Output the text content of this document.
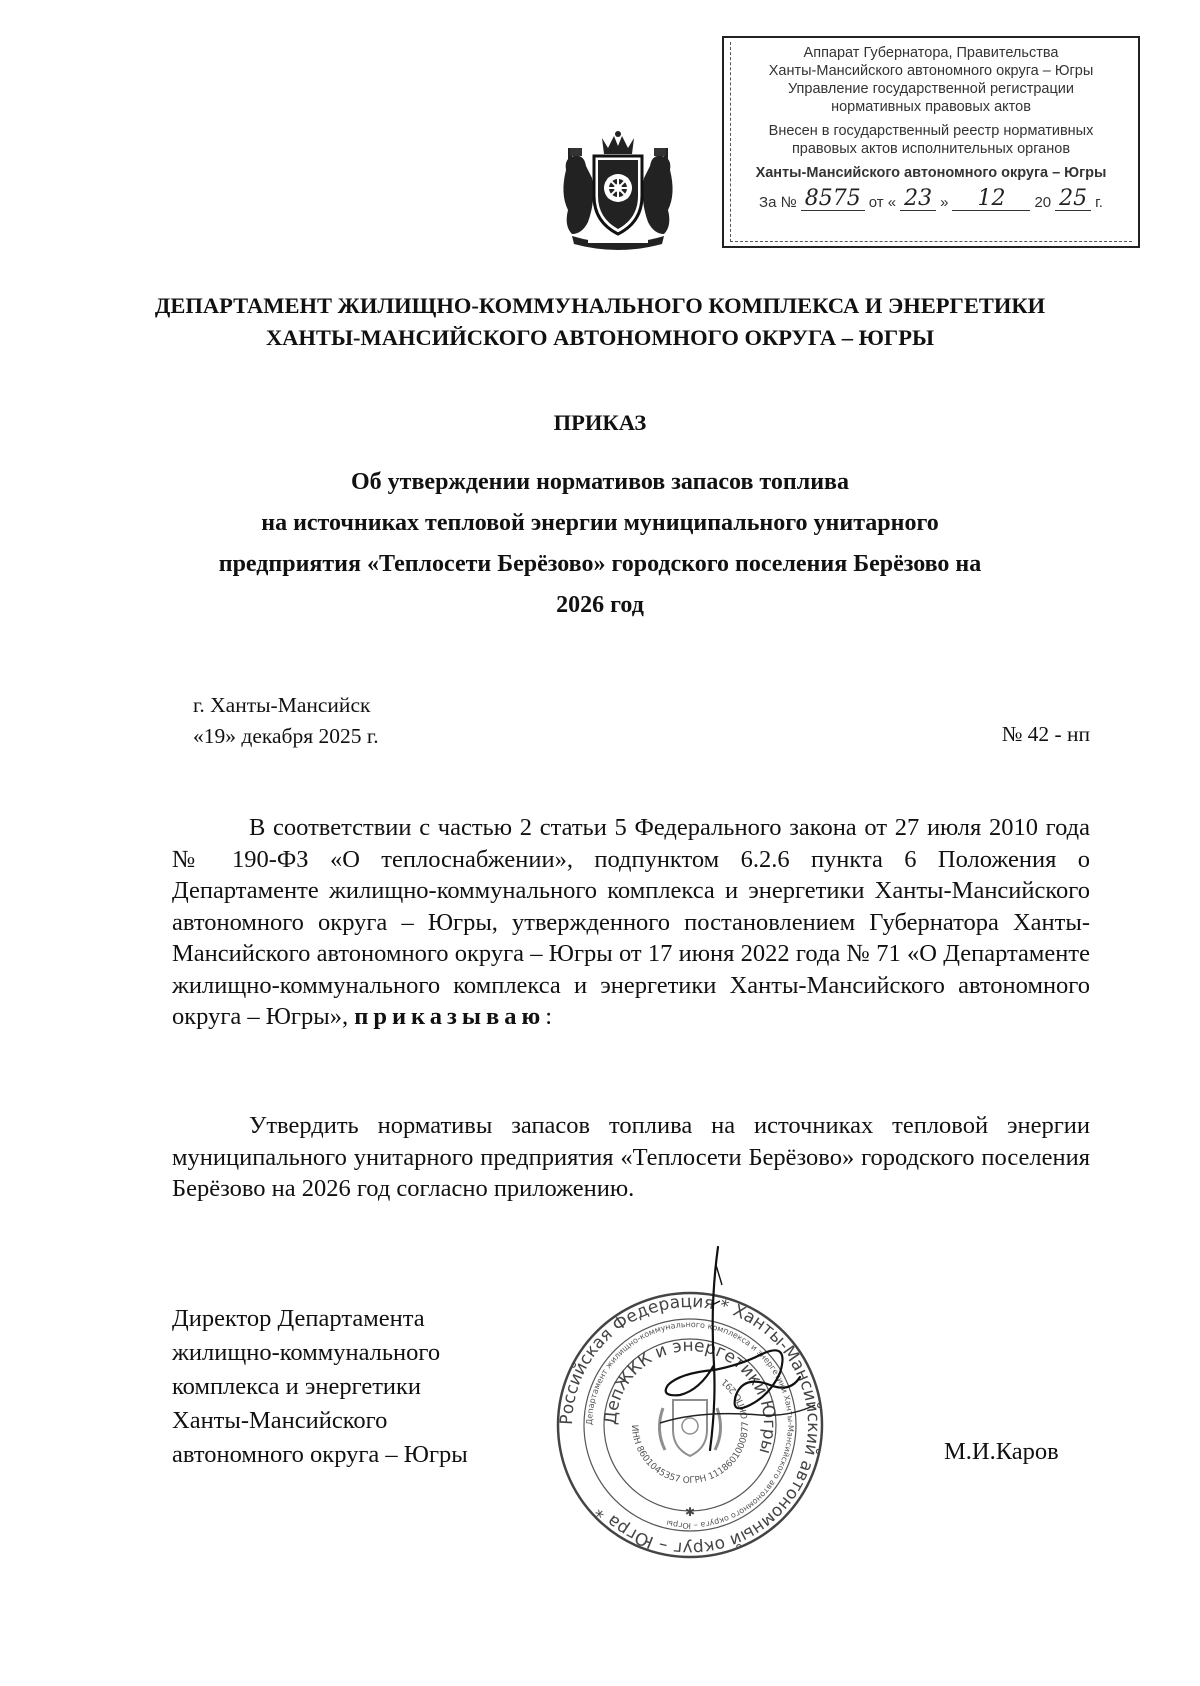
Аппарат Губернатора, Правительства
Ханты-Мансийского автономного округа – Югры
Управление государственной регистрации
нормативных правовых актов
Внесен в государственный реестр нормативных
правовых актов исполнительных органов
Ханты-Мансийского автономного округа – Югры
За № 8575 от « 23 »	12	20 25 г.
ДЕПАРТАМЕНТ ЖИЛИЩНО-КОММУНАЛЬНОГО КОМПЛЕКСА И ЭНЕРГЕТИКИ
ХАНТЫ-МАНСИЙСКОГО АВТОНОМНОГО ОКРУГА – ЮГРЫ
ПРИКАЗ
Об утверждении нормативов запасов топлива
на источниках тепловой энергии муниципального унитарного
предприятия «Теплосети Берёзово» городского поселения Берёзово на
2026 год
г. Ханты-Мансийск
«19» декабря 2025 г.	№ 42 - нп
В соответствии с частью 2 статьи 5 Федерального закона от 27 июля 2010 года № 190-ФЗ «О теплоснабжении», подпунктом 6.2.6 пункта 6 Положения о Департаменте жилищно-коммунального комплекса и энергетики Ханты-Мансийского автономного округа – Югры, утвержденного постановлением Губернатора Ханты-Мансийского автономного округа – Югры от 17 июня 2022 года № 71 «О Департаменте жилищно-коммунального комплекса и энергетики Ханты-Мансийского автономного округа – Югры», приказываю:
Утвердить нормативы запасов топлива на источниках тепловой энергии муниципального унитарного предприятия «Теплосети Берёзово» городского поселения Берёзово на 2026 год согласно приложению.
Директор Департамента
жилищно-коммунального
комплекса и энергетики
Ханты-Мансийского
автономного округа – Югры
Российская Федерация * Ханты-Мансийский автономный округ – Югра *
Департамент жилищно-коммунального комплекса и энергетики Ханты-Мансийского автономного округа – Югры
ДепЖКК и энергетики Югры
ИНН 8601045357 ОГРН 1118601000877 ОКПО 291
✱
М.И.Каров
